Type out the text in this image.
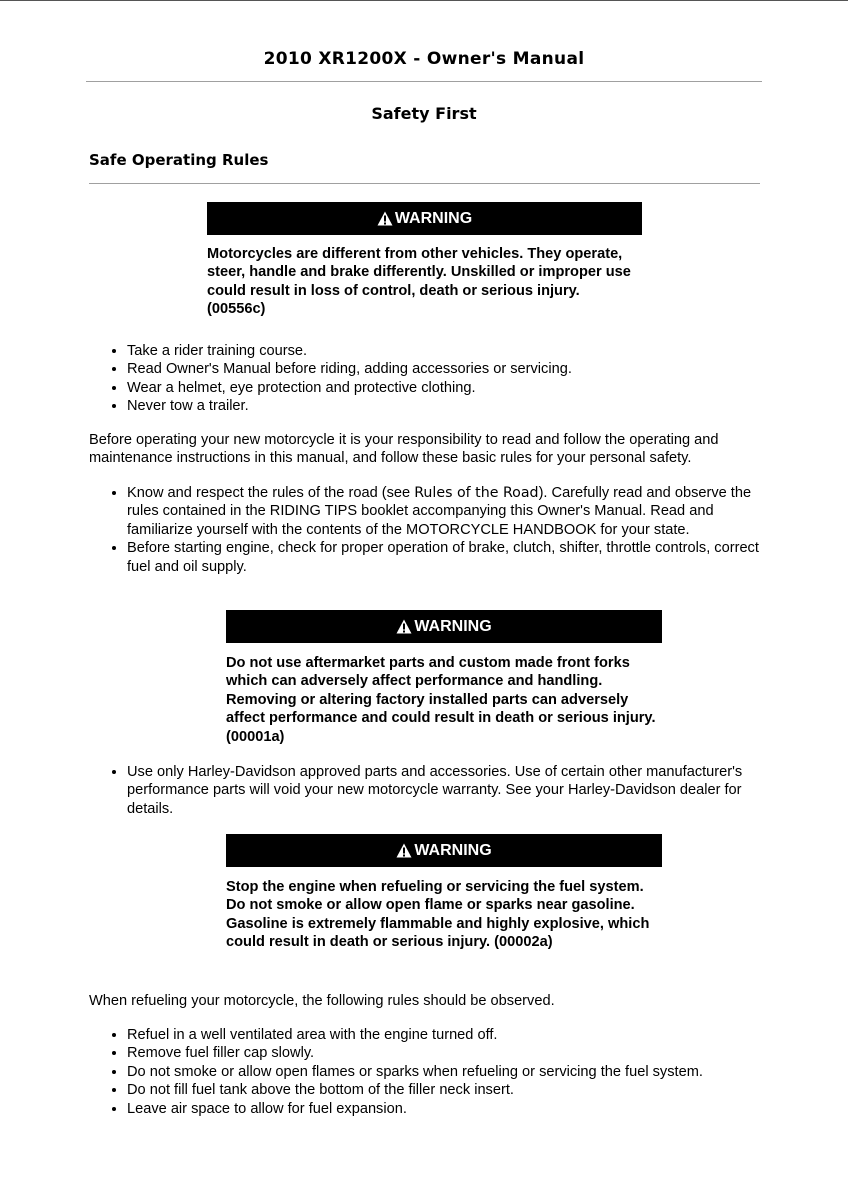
2010 XR1200X - Owner's Manual
Safety First
Safe Operating Rules
WARNING
Motorcycles are different from other vehicles. They operate, steer, handle and brake differently. Unskilled or improper use could result in loss of control, death or serious injury. (00556c)
• Take a rider training course.
• Read Owner's Manual before riding, adding accessories or servicing.
• Wear a helmet, eye protection and protective clothing.
• Never tow a trailer.
Before operating your new motorcycle it is your responsibility to read and follow the operating and maintenance instructions in this manual, and follow these basic rules for your personal safety.
• Know and respect the rules of the road (see Rules of the Road). Carefully read and observe the rules contained in the RIDING TIPS booklet accompanying this Owner's Manual. Read and familiarize yourself with the contents of the MOTORCYCLE HANDBOOK for your state.
• Before starting engine, check for proper operation of brake, clutch, shifter, throttle controls, correct fuel and oil supply.
WARNING
Do not use aftermarket parts and custom made front forks which can adversely affect performance and handling. Removing or altering factory installed parts can adversely affect performance and could result in death or serious injury. (00001a)
• Use only Harley-Davidson approved parts and accessories. Use of certain other manufacturer's performance parts will void your new motorcycle warranty. See your Harley-Davidson dealer for details.
WARNING
Stop the engine when refueling or servicing the fuel system. Do not smoke or allow open flame or sparks near gasoline. Gasoline is extremely flammable and highly explosive, which could result in death or serious injury. (00002a)
When refueling your motorcycle, the following rules should be observed.
• Refuel in a well ventilated area with the engine turned off.
• Remove fuel filler cap slowly.
• Do not smoke or allow open flames or sparks when refueling or servicing the fuel system.
• Do not fill fuel tank above the bottom of the filler neck insert.
• Leave air space to allow for fuel expansion.
